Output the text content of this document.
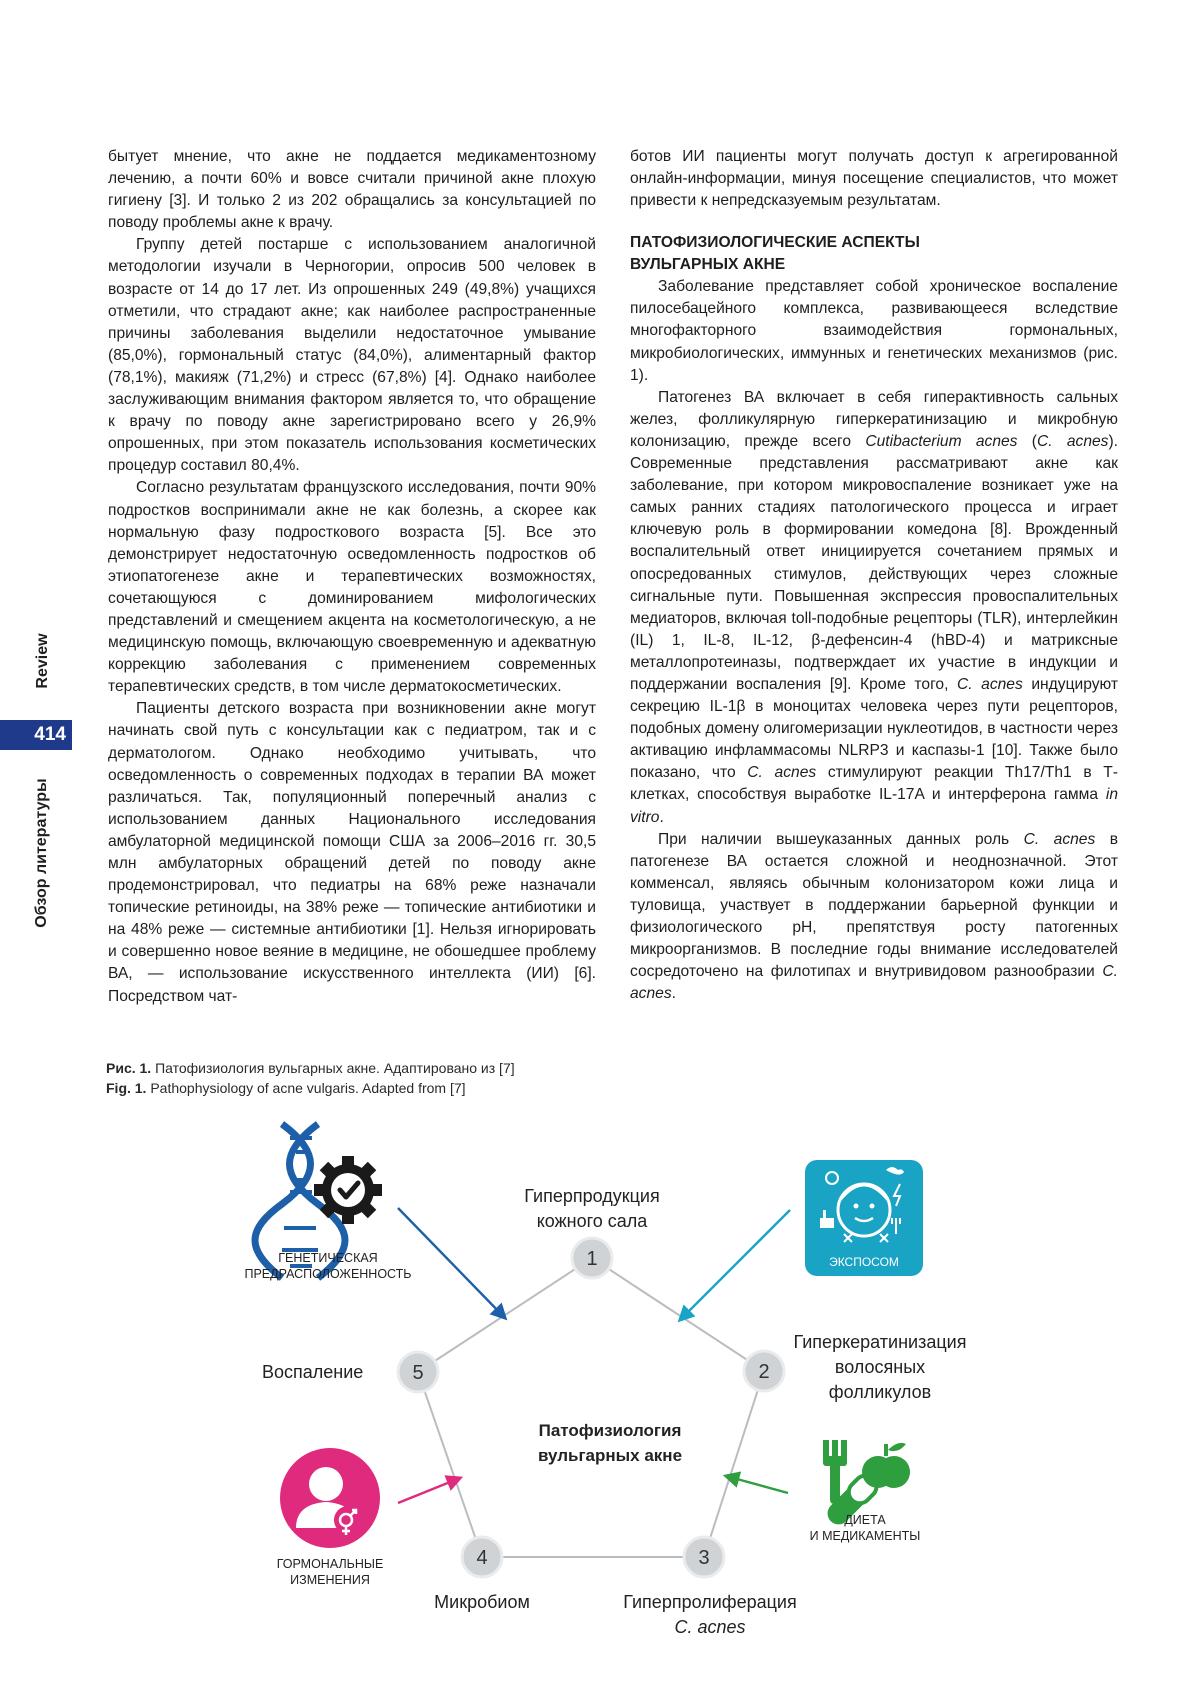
Review
414
Обзор литературы

бытует мнение, что акне не поддается медикаментозному лечению, а почти 60% и вовсе считали причиной акне плохую гигиену [3]. И только 2 из 202 обращались за консультацией по поводу проблемы акне к врачу.

Группу детей постарше с использованием аналогичной методологии изучали в Черногории, опросив 500 человек в возрасте от 14 до 17 лет. Из опрошенных 249 (49,8%) учащихся отметили, что страдают акне; как наиболее распространенные причины заболевания выделили недостаточное умывание (85,0%), гормональный статус (84,0%), алиментарный фактор (78,1%), макияж (71,2%) и стресс (67,8%) [4]. Однако наиболее заслуживающим внимания фактором является то, что обращение к врачу по поводу акне зарегистрировано всего у 26,9% опрошенных, при этом показатель использования косметических процедур составил 80,4%.

Согласно результатам французского исследования, почти 90% подростков воспринимали акне не как болезнь, а скорее как нормальную фазу подросткового возраста [5]. Все это демонстрирует недостаточную осведомленность подростков об этиопатогенезе акне и терапевтических возможностях, сочетающуюся с доминированием мифологических представлений и смещением акцента на косметологическую, а не медицинскую помощь, включающую своевременную и адекватную коррекцию заболевания с применением современных терапевтических средств, в том числе дерматокосметических.

Пациенты детского возраста при возникновении акне могут начинать свой путь с консультации как с педиатром, так и с дерматологом. Однако необходимо учитывать, что осведомленность о современных подходах в терапии ВА может различаться. Так, популяционный поперечный анализ с использованием данных Национального исследования амбулаторной медицинской помощи США за 2006–2016 гг. 30,5 млн амбулаторных обращений детей по поводу акне продемонстрировал, что педиатры на 68% реже назначали топические ретиноиды, на 38% реже — топические антибиотики и на 48% реже — системные антибиотики [1]. Нельзя игнорировать и совершенно новое веяние в медицине, не обошедшее проблему ВА, — использование искусственного интеллекта (ИИ) [6]. Посредством чат-

ботов ИИ пациенты могут получать доступ к агрегированной онлайн-информации, минуя посещение специалистов, что может привести к непредсказуемым результатам.

ПАТОФИЗИОЛОГИЧЕСКИЕ АСПЕКТЫ
ВУЛЬГАРНЫХ АКНЕ

Заболевание представляет собой хроническое воспаление пилосебацейного комплекса, развивающееся вследствие многофакторного взаимодействия гормональных, микробиологических, иммунных и генетических механизмов (рис. 1).

Патогенез ВА включает в себя гиперактивность сальных желез, фолликулярную гиперкератинизацию и микробную колонизацию, прежде всего Cutibacterium acnes (C. acnes). Современные представления рассматривают акне как заболевание, при котором микровоспаление возникает уже на самых ранних стадиях патологического процесса и играет ключевую роль в формировании комедона [8]. Врожденный воспалительный ответ инициируется сочетанием прямых и опосредованных стимулов, действующих через сложные сигнальные пути. Повышенная экспрессия провоспалительных медиаторов, включая toll-подобные рецепторы (TLR), интерлейкин (IL) 1, IL-8, IL-12, β-дефенсин-4 (hBD-4) и матриксные металлопротеиназы, подтверждает их участие в индукции и поддержании воспаления [9]. Кроме того, C. acnes индуцируют секрецию IL-1β в моноцитах человека через пути рецепторов, подобных домену олигомеризации нуклеотидов, в частности через активацию инфламмасомы NLRP3 и каспазы-1 [10]. Также было показано, что C. acnes стимулируют реакции Th17/Th1 в Т-клетках, способствуя выработке IL-17A и интерферона гамма in vitro.

При наличии вышеуказанных данных роль C. acnes в патогенезе ВА остается сложной и неоднозначной. Этот комменсал, являясь обычным колонизатором кожи лица и туловища, участвует в поддержании барьерной функции и физиологического pH, препятствуя росту патогенных микроорганизмов. В последние годы внимание исследователей сосредоточено на филотипах и внутривидовом разнообразии C. acnes.

Рис. 1. Патофизиология вульгарных акне. Адаптировано из [7]
Fig. 1. Pathophysiology of acne vulgaris. Adapted from [7]
1
2
3
4
5
ЭКСПОСОМ
Гиперпродукция
кожного сала
Гиперкератинизация
волосяных
фолликулов
Гиперпролиферация
C. acnes
Микробиом
Воспаление
Патофизиология
вульгарных акне
ГЕНЕТИЧЕСКАЯ
ПРЕДРАСПОЛОЖЕННОСТЬ
ДИЕТА
И МЕДИКАМЕНТЫ
ГОРМОНАЛЬНЫЕ
ИЗМЕНЕНИЯ
